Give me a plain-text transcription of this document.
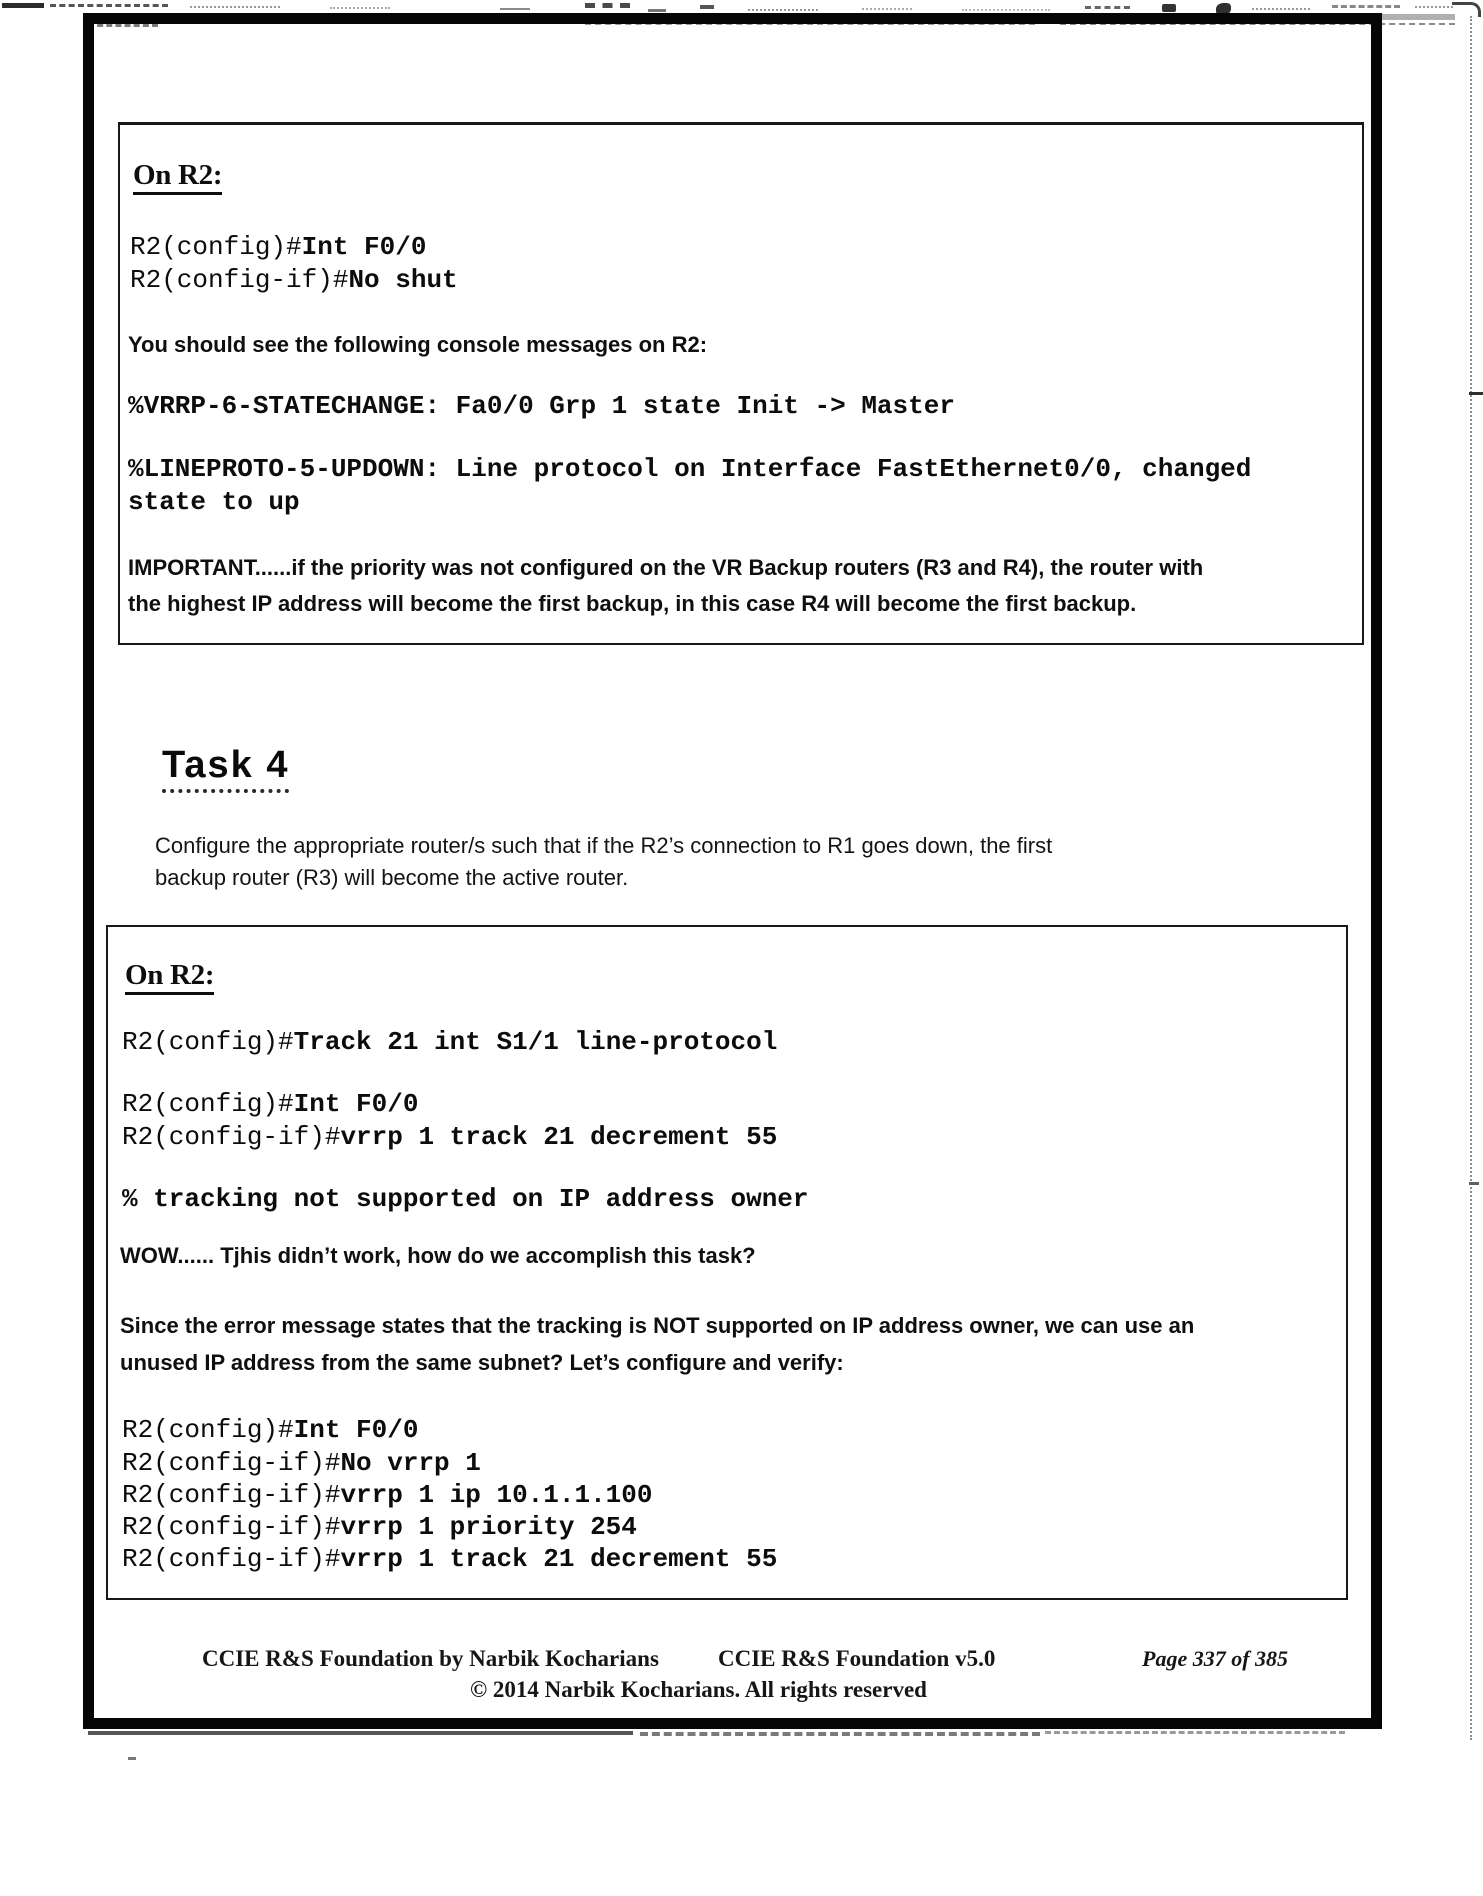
On R2:
R2(config)#Int F0/0
R2(config-if)#No shut
You should see the following console messages on R2:
%VRRP-6-STATECHANGE: Fa0/0 Grp 1 state Init -> Master
%LINEPROTO-5-UPDOWN: Line protocol on Interface FastEthernet0/0, changed
state to up
IMPORTANT......if the priority was not configured on the VR Backup routers (R3 and R4), the router with
the highest IP address will become the first backup, in this case R4 will become the first backup.
Task 4
Configure the appropriate router/s such that if the R2’s connection to R1 goes down, the first
backup router (R3) will become the active router.
On R2:
R2(config)#Track 21 int S1/1 line-protocol
R2(config)#Int F0/0
R2(config-if)#vrrp 1 track 21 decrement 55
% tracking not supported on IP address owner
WOW...... Tjhis didn’t work, how do we accomplish this task?
Since the error message states that the tracking is NOT supported on IP address owner, we can use an
unused IP address from the same subnet? Let’s configure and verify:
R2(config)#Int F0/0
R2(config-if)#No vrrp 1
R2(config-if)#vrrp 1 ip 10.1.1.100
R2(config-if)#vrrp 1 priority 254
R2(config-if)#vrrp 1 track 21 decrement 55
CCIE R&S Foundation by Narbik Kocharians	CCIE R&S Foundation v5.0	Page 337 of 385
© 2014 Narbik Kocharians. All rights reserved
